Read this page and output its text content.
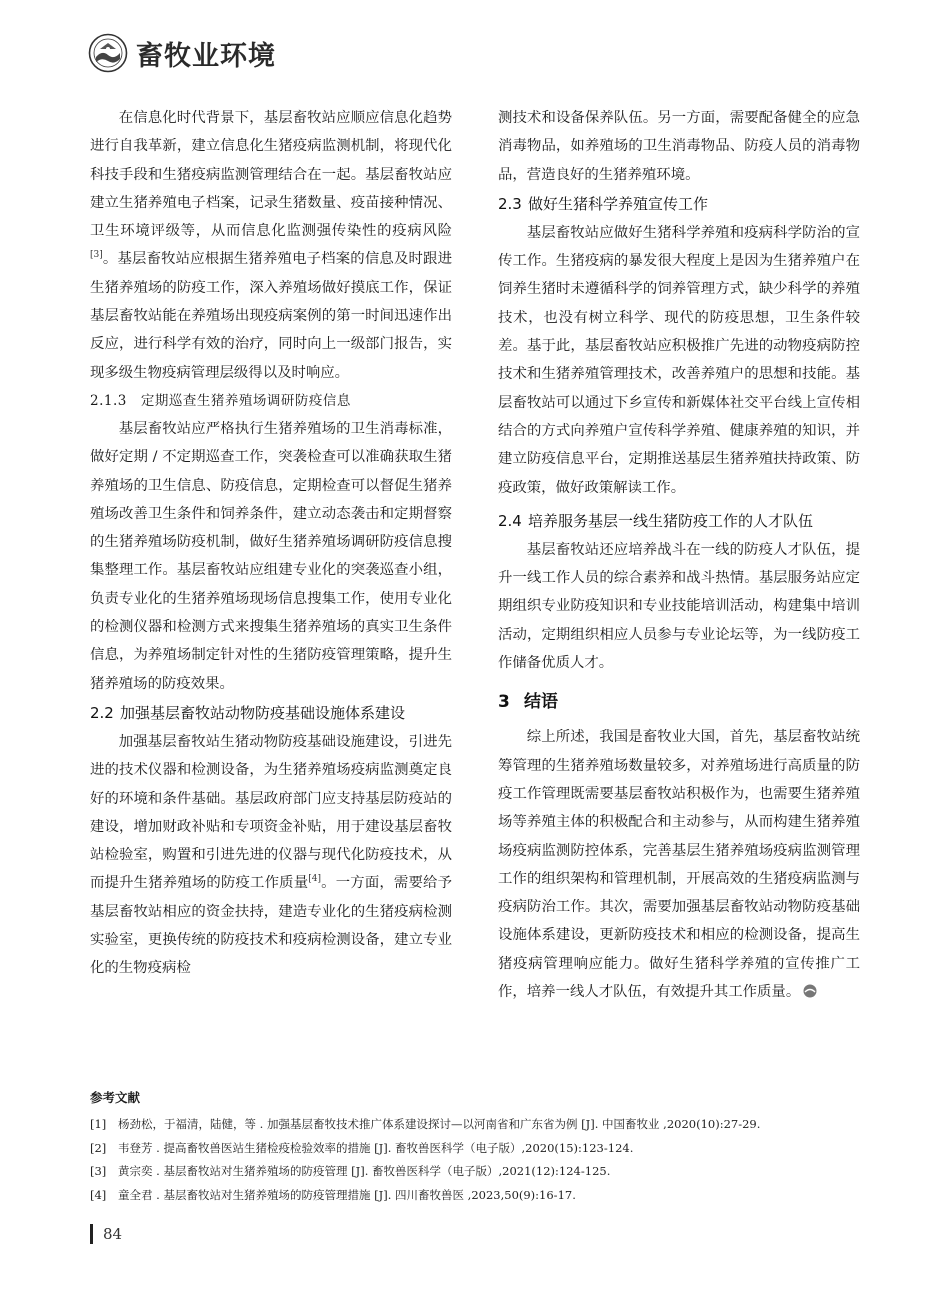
畜牧业环境

在信息化时代背景下，基层畜牧站应顺应信息化趋势进行自我革新，建立信息化生猪疫病监测机制，将现代化科技手段和生猪疫病监测管理结合在一起。基层畜牧站应建立生猪养殖电子档案，记录生猪数量、疫苗接种情况、卫生环境评级等，从而信息化监测强传染性的疫病风险[3]。基层畜牧站应根据生猪养殖电子档案的信息及时跟进生猪养殖场的防疫工作，深入养殖场做好摸底工作，保证基层畜牧站能在养殖场出现疫病案例的第一时间迅速作出反应，进行科学有效的治疗，同时向上一级部门报告，实现多级生物疫病管理层级得以及时响应。

2.1.3　定期巡查生猪养殖场调研防疫信息

基层畜牧站应严格执行生猪养殖场的卫生消毒标准，做好定期 / 不定期巡查工作，突袭检查可以准确获取生猪养殖场的卫生信息、防疫信息，定期检查可以督促生猪养殖场改善卫生条件和饲养条件，建立动态袭击和定期督察的生猪养殖场防疫机制，做好生猪养殖场调研防疫信息搜集整理工作。基层畜牧站应组建专业化的突袭巡查小组，负责专业化的生猪养殖场现场信息搜集工作，使用专业化的检测仪器和检测方式来搜集生猪养殖场的真实卫生条件信息，为养殖场制定针对性的生猪防疫管理策略，提升生猪养殖场的防疫效果。

2.2 加强基层畜牧站动物防疫基础设施体系建设

加强基层畜牧站生猪动物防疫基础设施建设，引进先进的技术仪器和检测设备，为生猪养殖场疫病监测奠定良好的环境和条件基础。基层政府部门应支持基层防疫站的建设，增加财政补贴和专项资金补贴，用于建设基层畜牧站检验室，购置和引进先进的仪器与现代化防疫技术，从而提升生猪养殖场的防疫工作质量[4]。一方面，需要给予基层畜牧站相应的资金扶持，建造专业化的生猪疫病检测实验室，更换传统的防疫技术和疫病检测设备，建立专业化的生物疫病检

测技术和设备保养队伍。另一方面，需要配备健全的应急消毒物品，如养殖场的卫生消毒物品、防疫人员的消毒物品，营造良好的生猪养殖环境。

2.3 做好生猪科学养殖宣传工作

基层畜牧站应做好生猪科学养殖和疫病科学防治的宣传工作。生猪疫病的暴发很大程度上是因为生猪养殖户在饲养生猪时未遵循科学的饲养管理方式，缺少科学的养殖技术，也没有树立科学、现代的防疫思想，卫生条件较差。基于此，基层畜牧站应积极推广先进的动物疫病防控技术和生猪养殖管理技术，改善养殖户的思想和技能。基层畜牧站可以通过下乡宣传和新媒体社交平台线上宣传相结合的方式向养殖户宣传科学养殖、健康养殖的知识，并建立防疫信息平台，定期推送基层生猪养殖扶持政策、防疫政策，做好政策解读工作。

2.4 培养服务基层一线生猪防疫工作的人才队伍

基层畜牧站还应培养战斗在一线的防疫人才队伍，提升一线工作人员的综合素养和战斗热情。基层服务站应定期组织专业防疫知识和专业技能培训活动，构建集中培训活动，定期组织相应人员参与专业论坛等，为一线防疫工作储备优质人才。

3 结语

综上所述，我国是畜牧业大国，首先，基层畜牧站统筹管理的生猪养殖场数量较多，对养殖场进行高质量的防疫工作管理既需要基层畜牧站积极作为，也需要生猪养殖场等养殖主体的积极配合和主动参与，从而构建生猪养殖场疫病监测防控体系，完善基层生猪养殖场疫病监测管理工作的组织架构和管理机制，开展高效的生猪疫病监测与疫病防治工作。其次，需要加强基层畜牧站动物防疫基础设施体系建设，更新防疫技术和相应的检测设备，提高生猪疫病管理响应能力。做好生猪科学养殖的宣传推广工作，培养一线人才队伍，有效提升其工作质量。

参考文献
[1]	杨劲松，于福清，陆健，等 . 加强基层畜牧技术推广体系建设探讨—以河南省和广东省为例 [J]. 中国畜牧业 ,2020(10):27-29.
[2]	韦登芳 . 提高畜牧兽医站生猪检疫检验效率的措施 [J]. 畜牧兽医科学（电子版）,2020(15):123-124.
[3]	黄宗奕 . 基层畜牧站对生猪养殖场的防疫管理 [J]. 畜牧兽医科学（电子版）,2021(12):124-125.
[4]	童全君 . 基层畜牧站对生猪养殖场的防疫管理措施 [J]. 四川畜牧兽医 ,2023,50(9):16-17.
84
